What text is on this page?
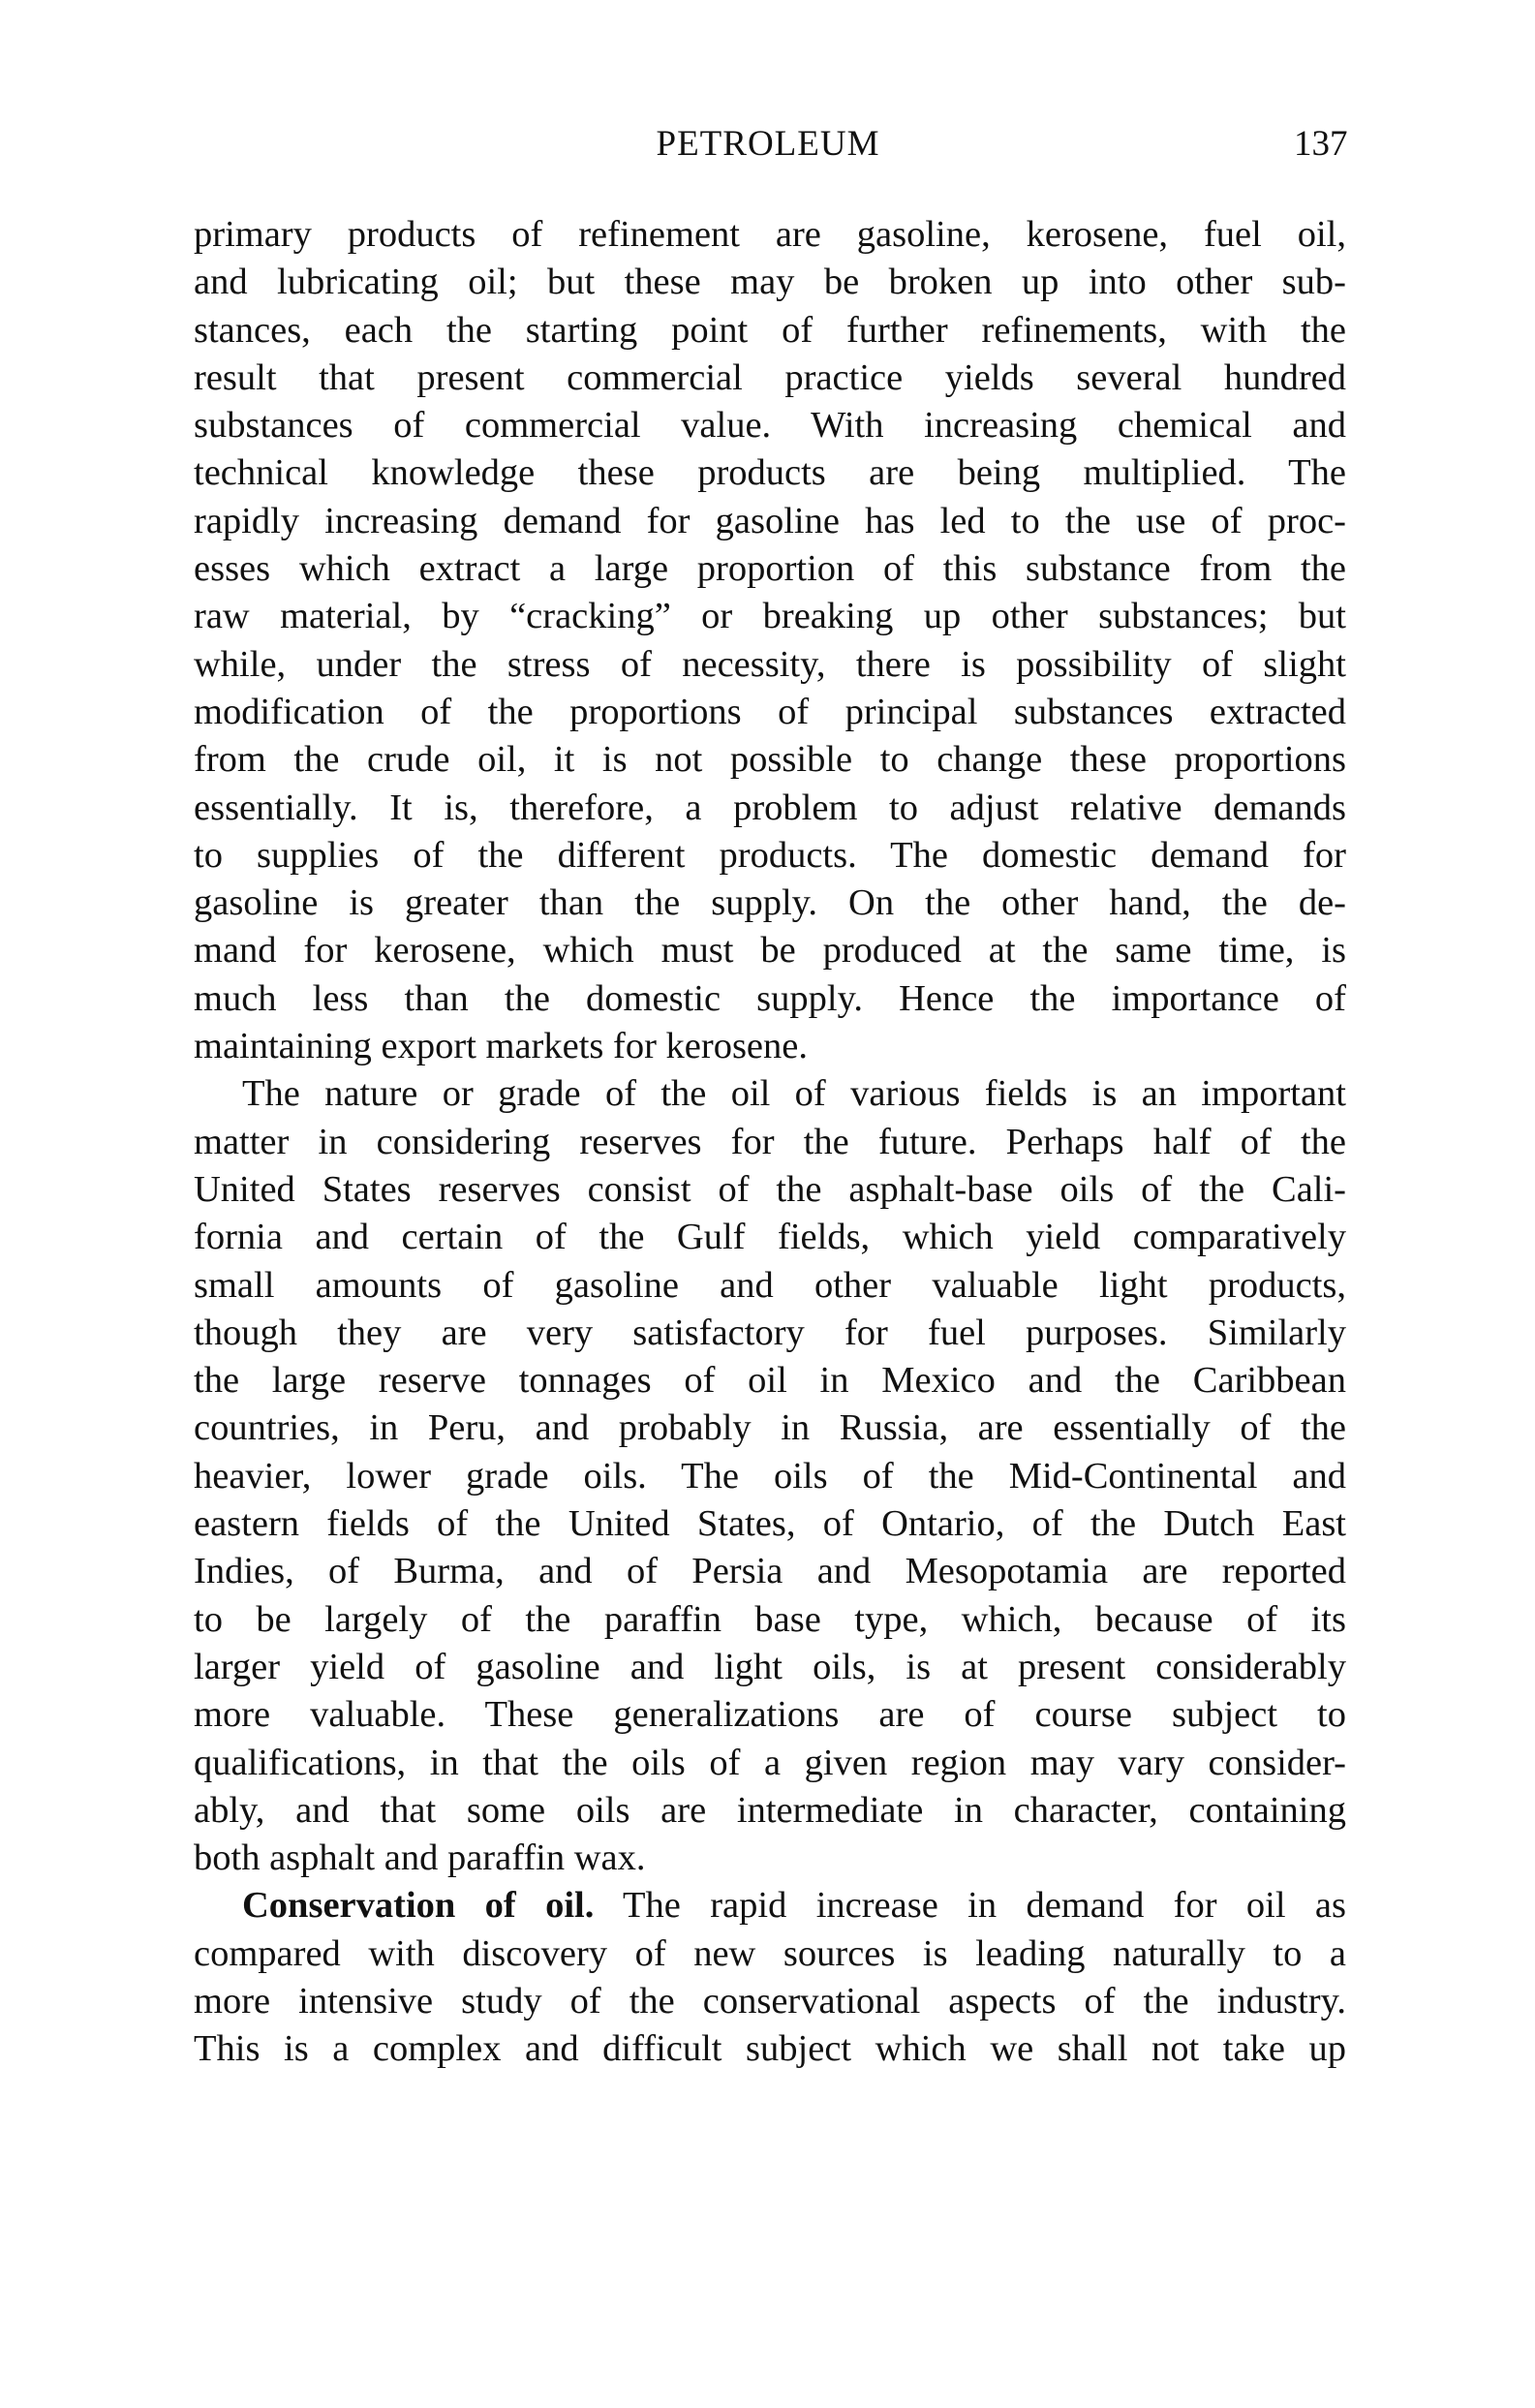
PETROLEUM	137
primary products of refinement are gasoline, kerosene, fuel oil,
and lubricating oil; but these may be broken up into other sub-
stances, each the starting point of further refinements, with the
result that present commercial practice yields several hundred
substances of commercial value. With increasing chemical and
technical knowledge these products are being multiplied. The
rapidly increasing demand for gasoline has led to the use of proc-
esses which extract a large proportion of this substance from the
raw material, by “cracking” or breaking up other substances; but
while, under the stress of necessity, there is possibility of slight
modification of the proportions of principal substances extracted
from the crude oil, it is not possible to change these proportions
essentially. It is, therefore, a problem to adjust relative demands
to supplies of the different products. The domestic demand for
gasoline is greater than the supply. On the other hand, the de-
mand for kerosene, which must be produced at the same time, is
much less than the domestic supply. Hence the importance of
maintaining export markets for kerosene.
The nature or grade of the oil of various fields is an important
matter in considering reserves for the future. Perhaps half of the
United States reserves consist of the asphalt-base oils of the Cali-
fornia and certain of the Gulf fields, which yield comparatively
small amounts of gasoline and other valuable light products,
though they are very satisfactory for fuel purposes. Similarly
the large reserve tonnages of oil in Mexico and the Caribbean
countries, in Peru, and probably in Russia, are essentially of the
heavier, lower grade oils. The oils of the Mid-Continental and
eastern fields of the United States, of Ontario, of the Dutch East
Indies, of Burma, and of Persia and Mesopotamia are reported
to be largely of the paraffin base type, which, because of its
larger yield of gasoline and light oils, is at present considerably
more valuable. These generalizations are of course subject to
qualifications, in that the oils of a given region may vary consider-
ably, and that some oils are intermediate in character, containing
both asphalt and paraffin wax.
Conservation of oil. The rapid increase in demand for oil as
compared with discovery of new sources is leading naturally to a
more intensive study of the conservational aspects of the industry.
This is a complex and difficult subject which we shall not take up
